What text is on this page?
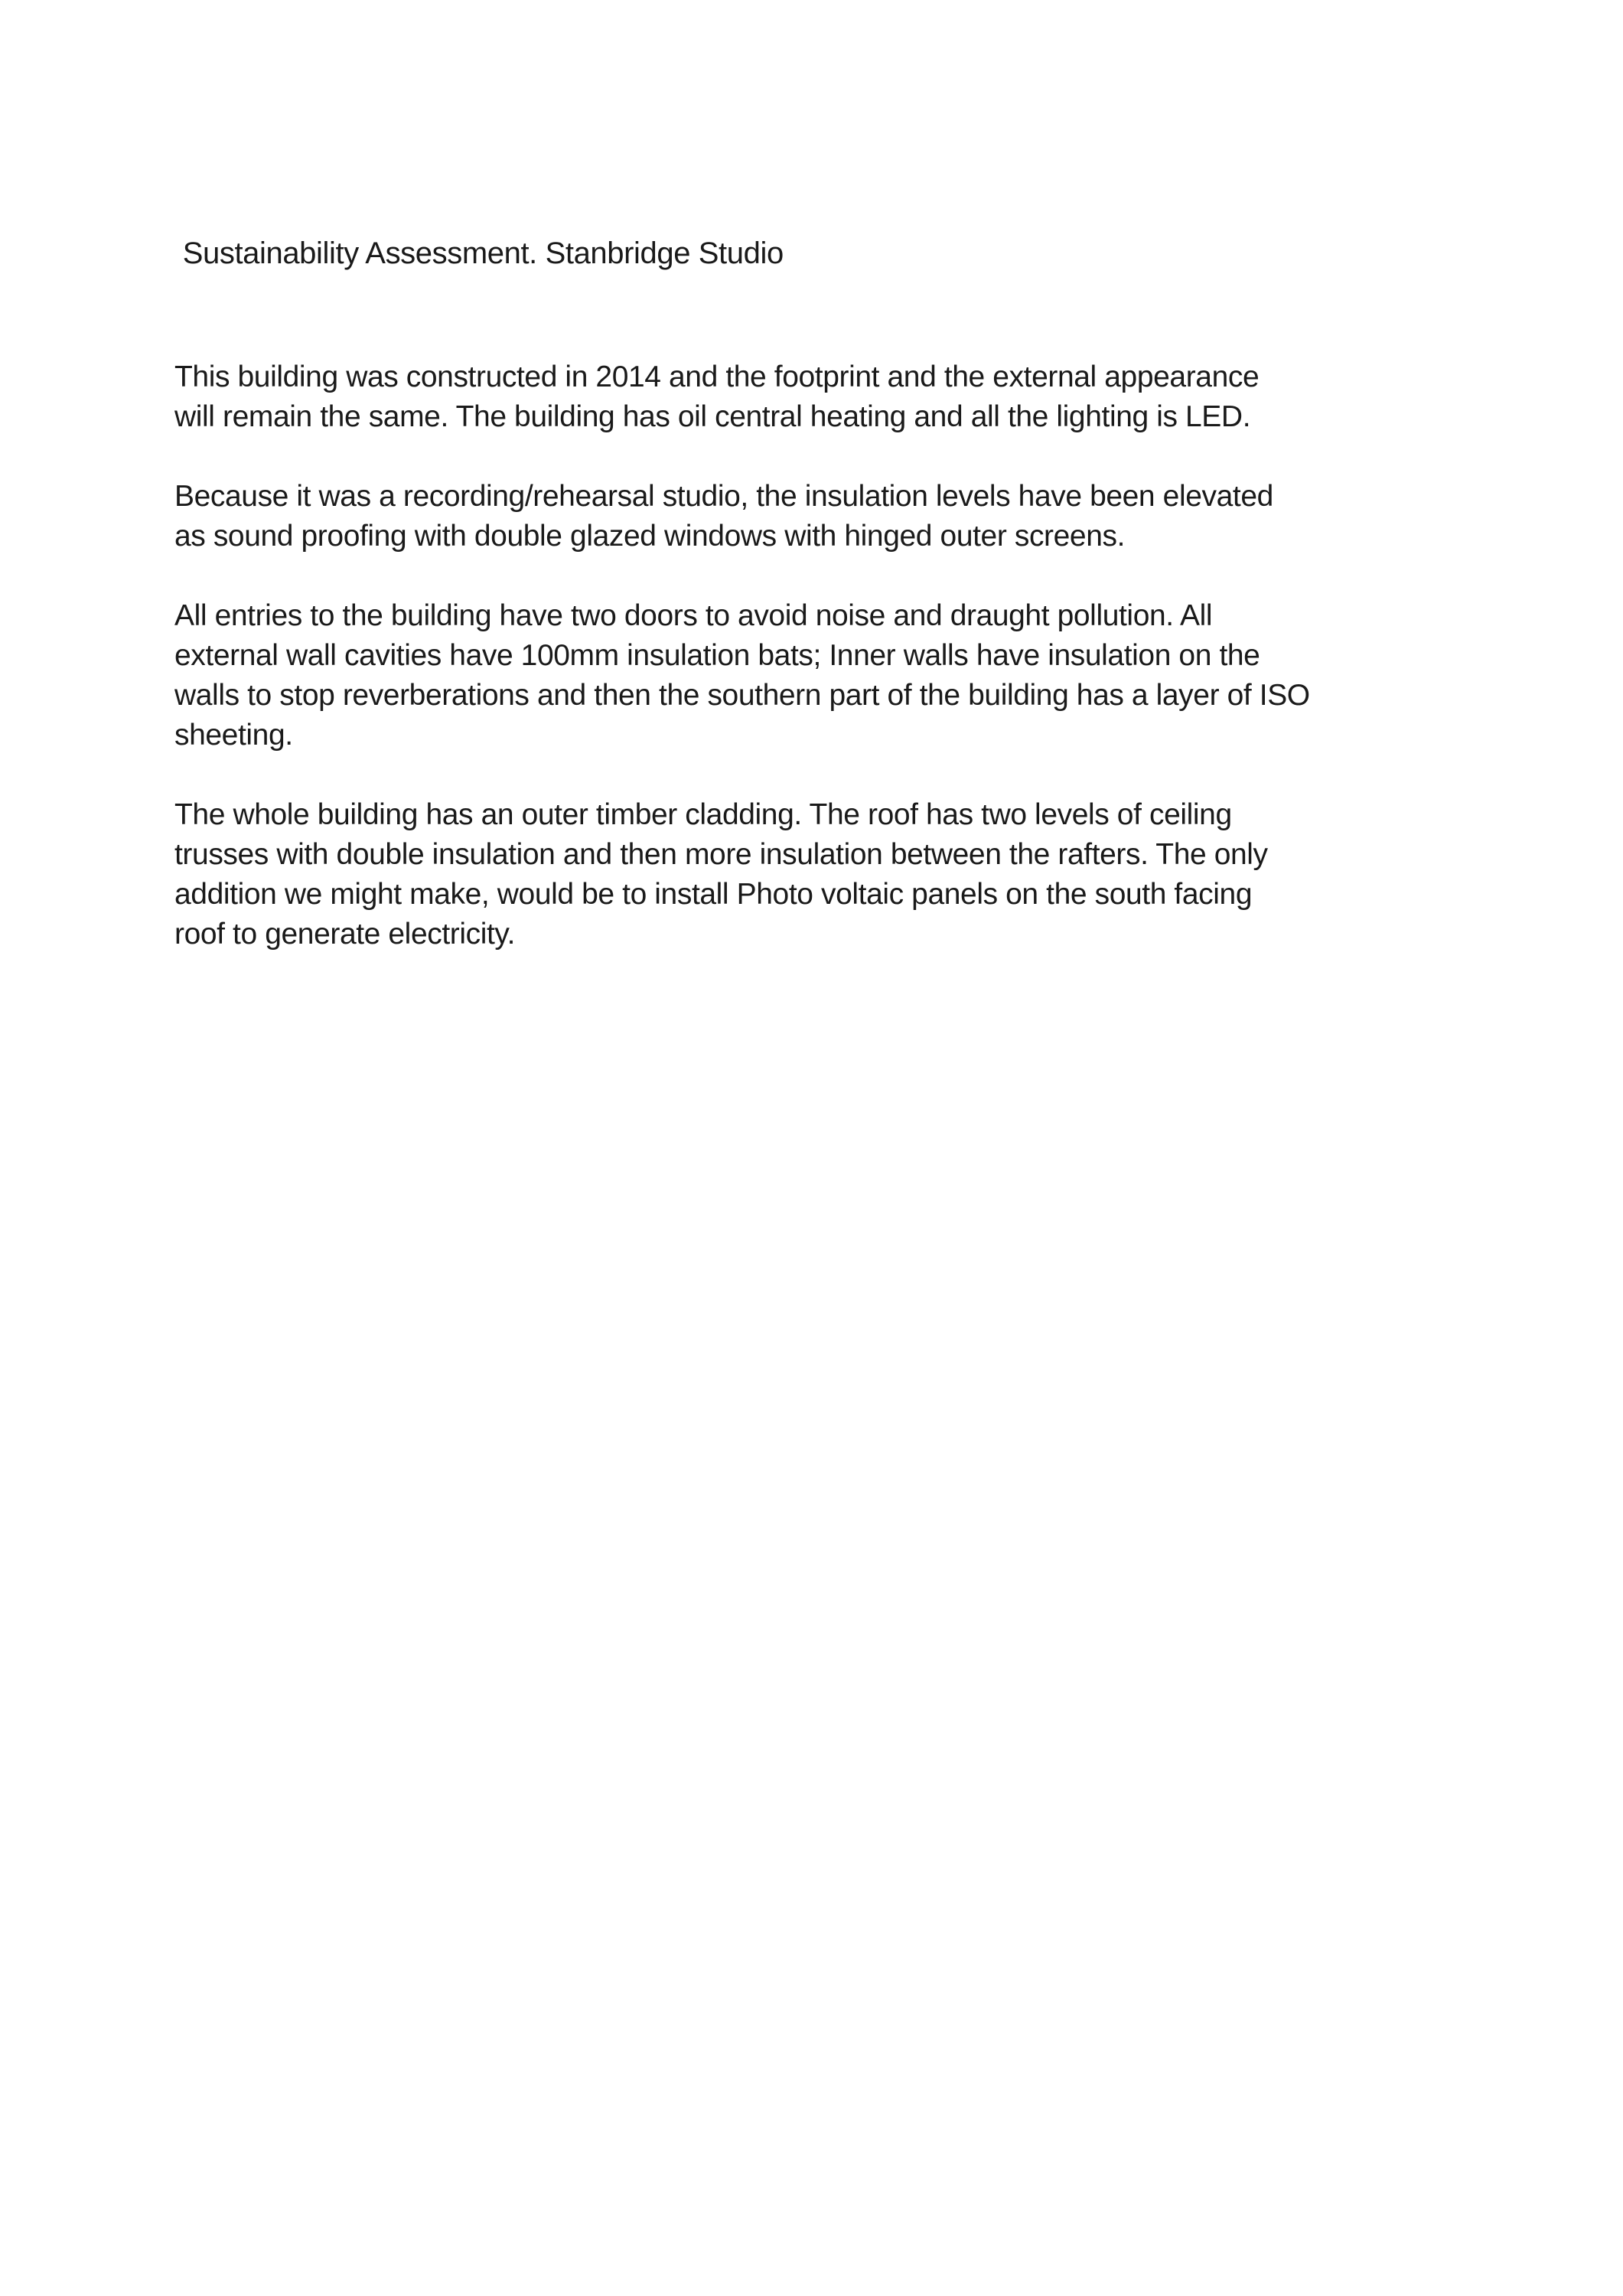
Sustainability Assessment. Stanbridge Studio
This building was constructed in 2014 and the footprint and the external appearance
will remain the same. The building has oil central heating and all the lighting is LED.
Because it was a recording/rehearsal studio, the insulation levels have been elevated
as sound proofing with double glazed windows with hinged outer screens.
All entries to the building have two doors to avoid noise and draught pollution. All
external wall cavities have 100mm insulation bats; Inner walls have insulation on the
walls to stop reverberations and then the southern part of the building has a layer of ISO
sheeting.
The whole building has an outer timber cladding. The roof has two levels of ceiling
trusses with double insulation and then more insulation between the rafters. The only
addition we might make, would be to install Photo voltaic panels on the south facing
roof to generate electricity.
